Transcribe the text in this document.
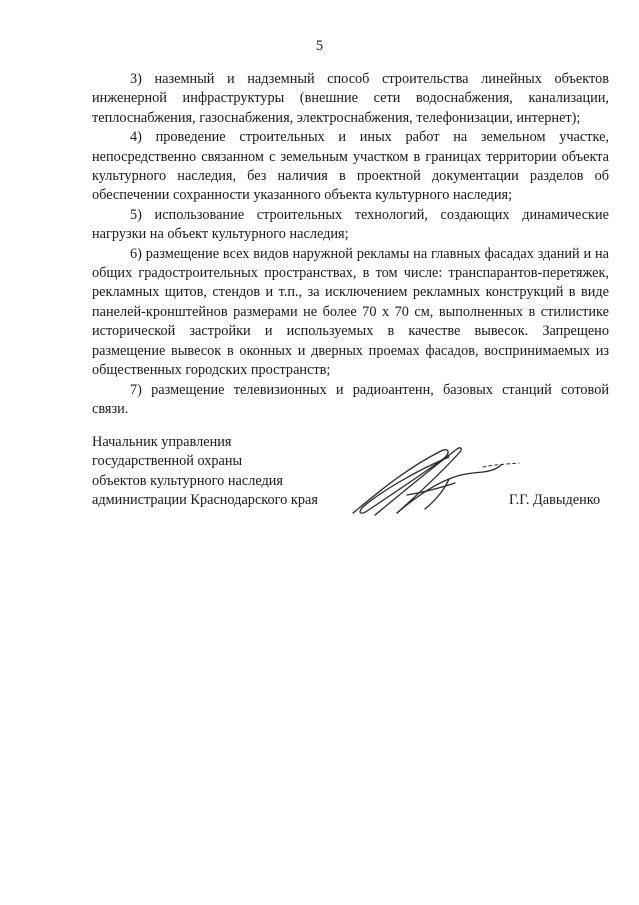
5

3) наземный и надземный способ строительства линейных объектов инженерной инфраструктуры (внешние сети водоснабжения, канализации, теплоснабжения, газоснабжения, электроснабжения, телефонизации, интернет);

4) проведение строительных и иных работ на земельном участке, непосредственно связанном с земельным участком в границах территории объекта культурного наследия, без наличия в проектной документации разделов об обеспечении сохранности указанного объекта культурного наследия;

5) использование строительных технологий, создающих динамические нагрузки на объект культурного наследия;

6) размещение всех видов наружной рекламы на главных фасадах зданий и на общих градостроительных пространствах, в том числе: транспарантов-перетяжек, рекламных щитов, стендов и т.п., за исключением рекламных конструкций в виде панелей-кронштейнов размерами не более 70 х 70 см, выполненных в стилистике исторической застройки и используемых в качестве вывесок. Запрещено размещение вывесок в оконных и дверных проемах фасадов, воспринимаемых из общественных городских пространств;

7) размещение телевизионных и радиоантенн, базовых станций сотовой связи.

Начальник управления
государственной охраны
объектов культурного наследия
администрации Краснодарского края	Г.Г. Давыденко
